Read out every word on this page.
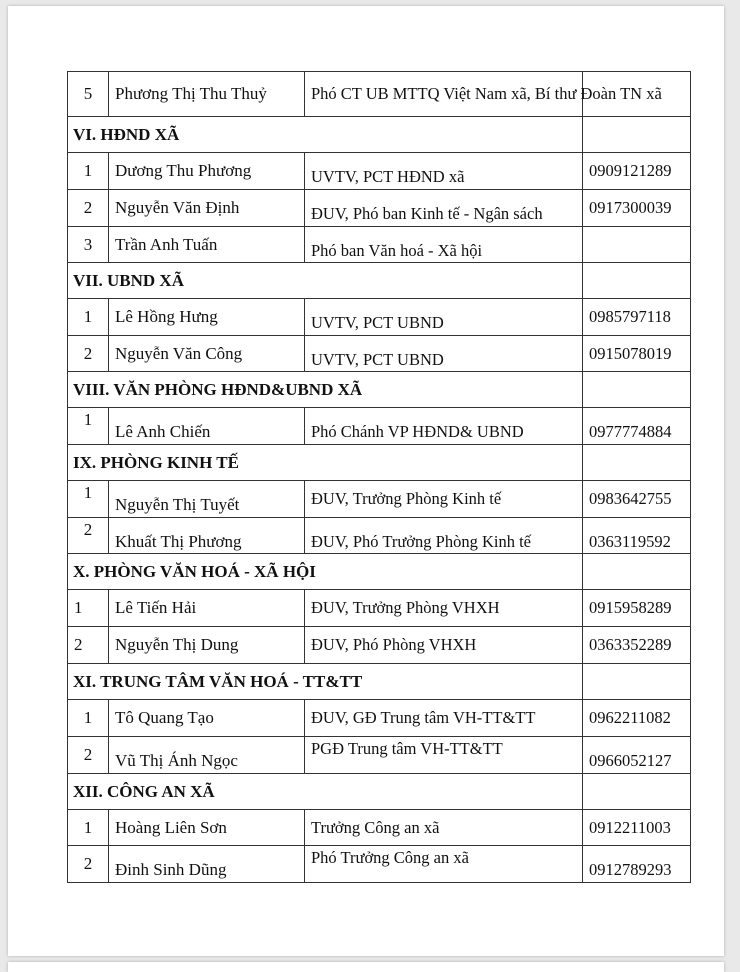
5	Phương Thị Thu Thuỷ	Phó CT UB MTTQ Việt Nam xã, Bí thư Đoàn TN xã	
VI. HĐND XÃ			
1	Dương Thu Phương	UVTV, PCT HĐND xã	0909121289
2	Nguyễn Văn Định	ĐUV, Phó ban Kinh tế - Ngân sách	0917300039
3	Trần Anh Tuấn	Phó ban Văn hoá - Xã hội	
VII. UBND XÃ			
1	Lê Hồng Hưng	UVTV, PCT UBND	0985797118
2	Nguyễn Văn Công	UVTV, PCT UBND	0915078019
VIII. VĂN PHÒNG HĐND&UBND XÃ			
1	Lê Anh Chiến	Phó Chánh VP HĐND& UBND	0977774884
IX. PHÒNG KINH TẾ			
1	Nguyễn Thị Tuyết	ĐUV, Trưởng Phòng Kinh tế	0983642755
2	Khuất Thị Phương	ĐUV, Phó Trưởng Phòng Kinh tế	0363119592
X. PHÒNG VĂN HOÁ - XÃ HỘI			
1	Lê Tiến Hải	ĐUV, Trưởng Phòng VHXH	0915958289
2	Nguyễn Thị Dung	ĐUV, Phó Phòng VHXH	0363352289
XI. TRUNG TÂM VĂN HOÁ - TT&TT			
1	Tô Quang Tạo	ĐUV, GĐ Trung tâm VH-TT&TT	0962211082
2	Vũ Thị Ánh Ngọc	PGĐ Trung tâm VH-TT&TT	0966052127
XII. CÔNG AN XÃ			
1	Hoàng Liên Sơn	Trưởng Công an xã	0912211003
2	Đinh Sinh Dũng	Phó Trưởng Công an xã	0912789293
